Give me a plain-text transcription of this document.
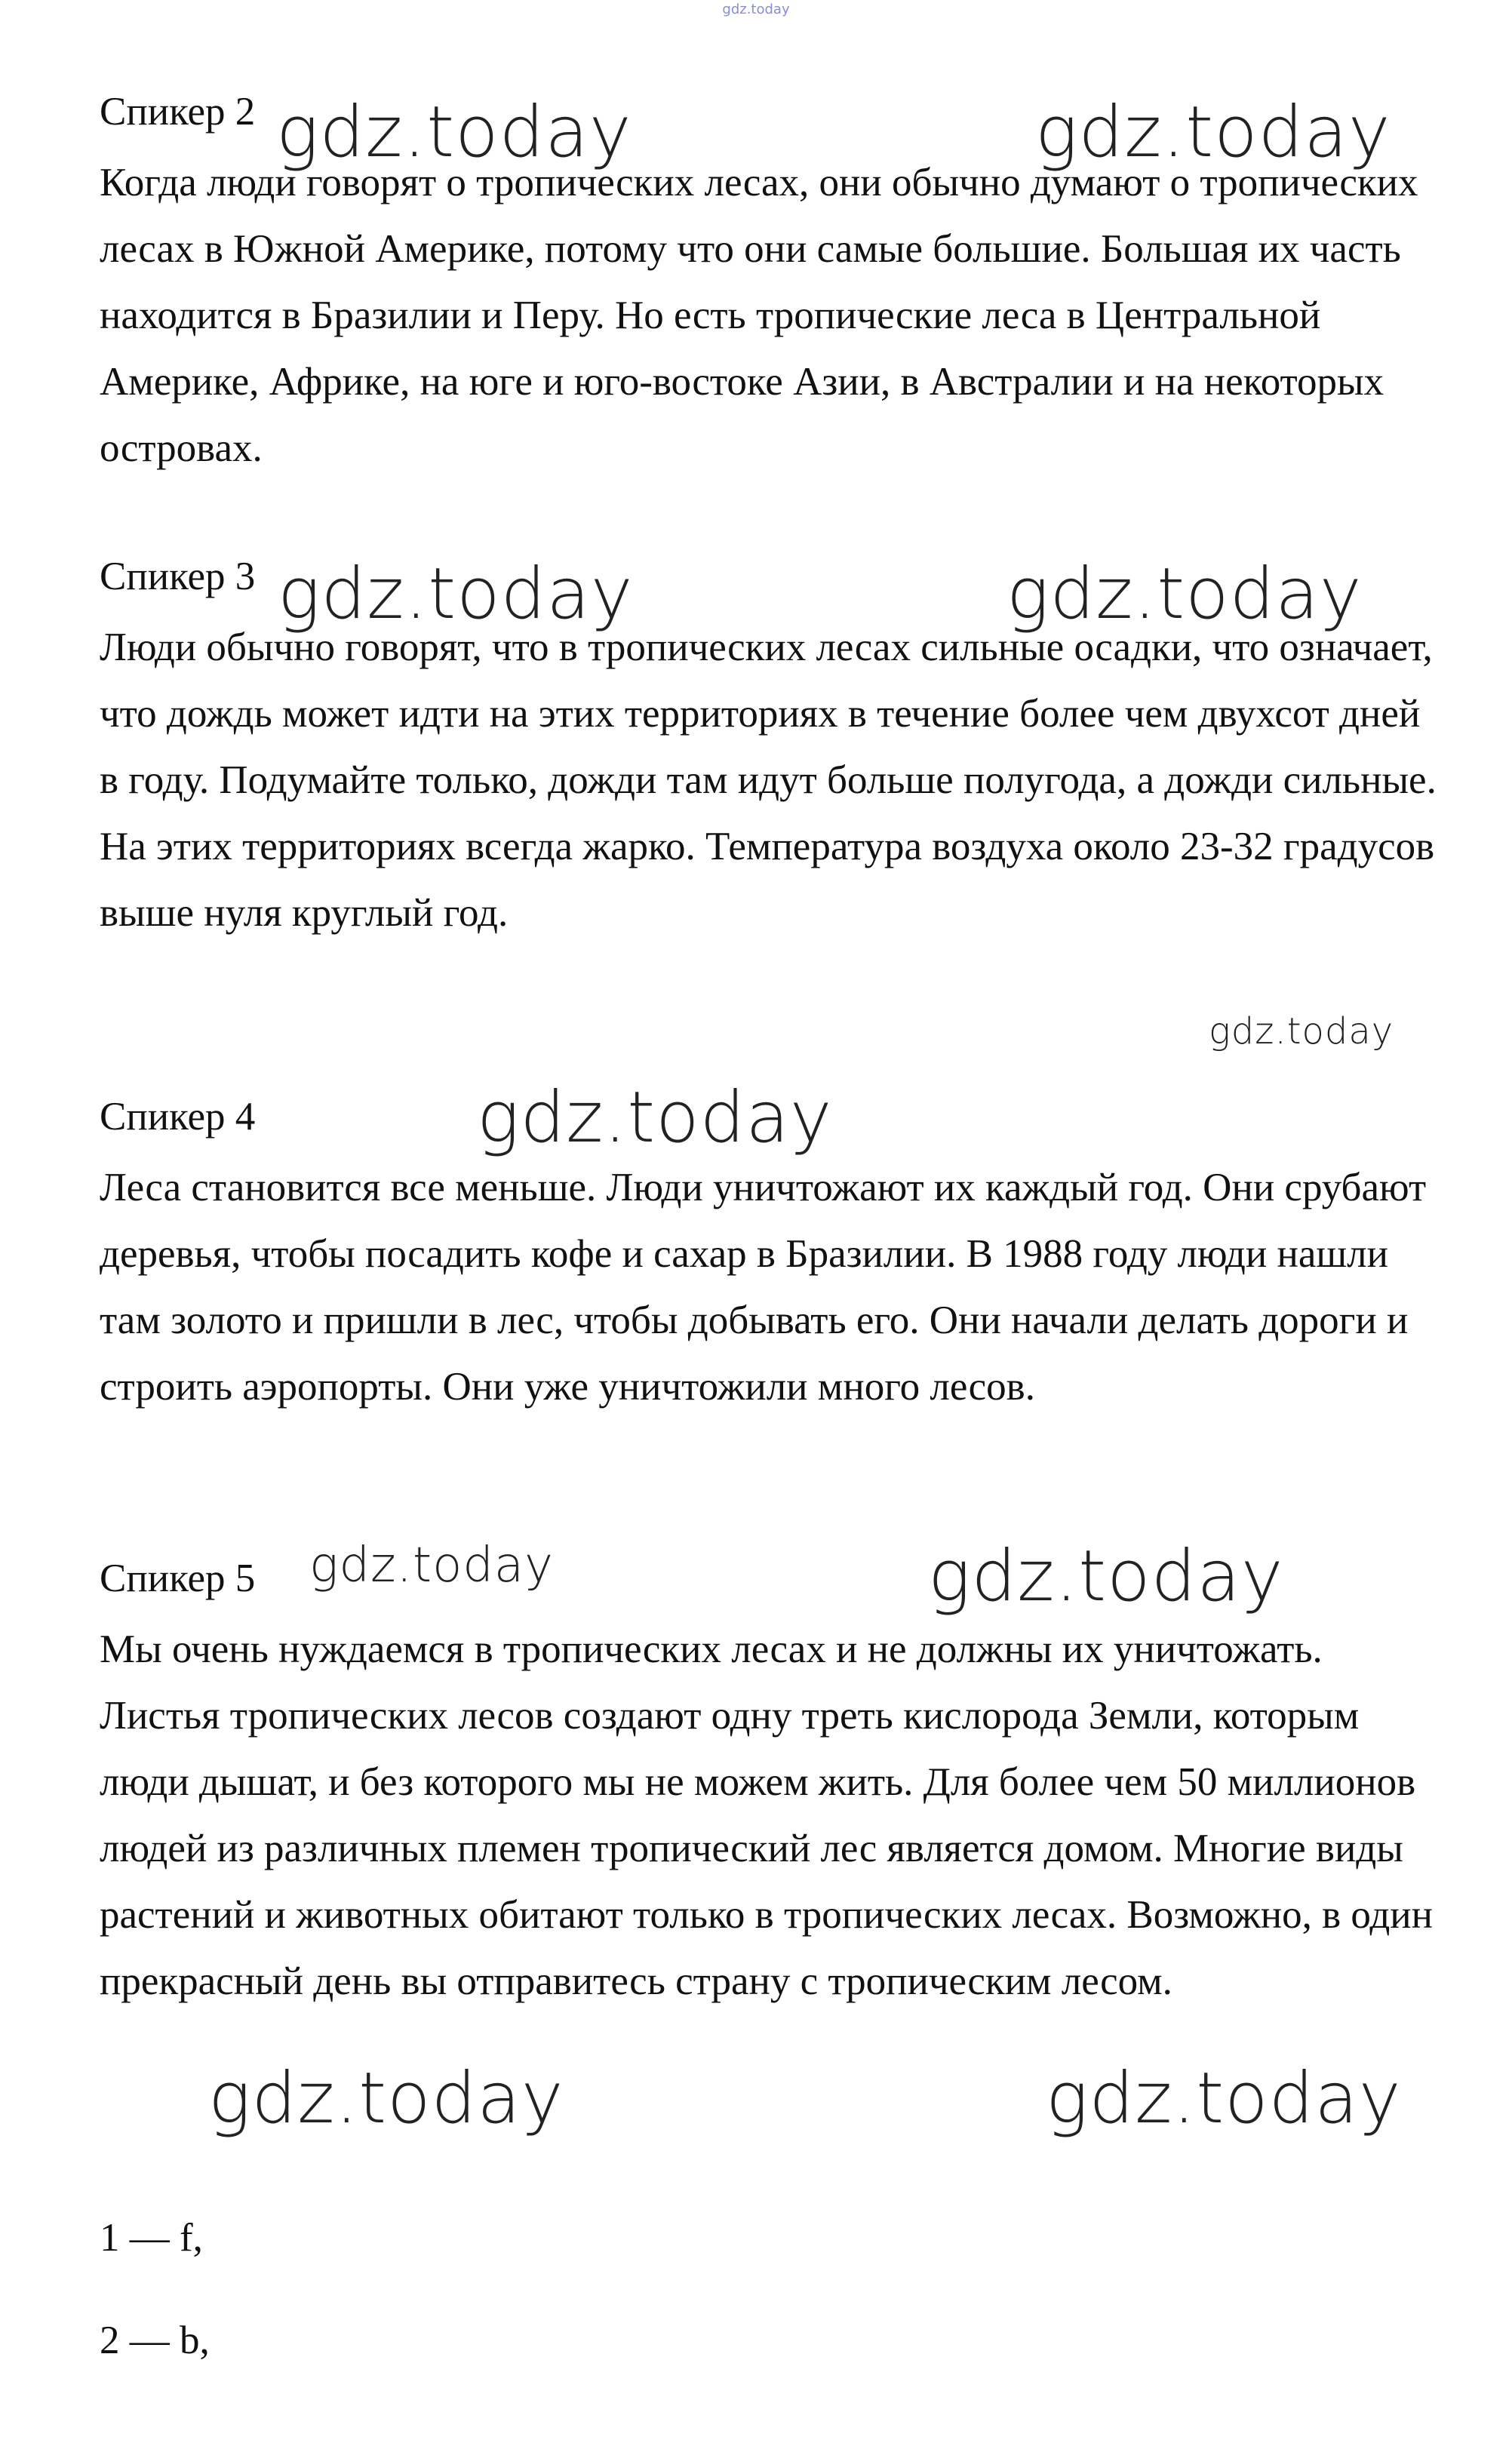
gdz.today
Спикер 2
Когда люди говорят о тропических лесах, они обычно думают о тропических лесах в Южной Америке, потому что они самые большие. Большая их часть находится в Бразилии и Перу. Но есть тропические леса в Центральной Америке, Африке, на юге и юго-востоке Азии, в Австралии и на некоторых островах.
Спикер 3
Люди обычно говорят, что в тропических лесах сильные осадки, что означает, что дождь может идти на этих территориях в течение более чем двухсот дней в году. Подумайте только, дожди там идут больше полугода, а дожди сильные. На этих территориях всегда жарко. Температура воздуха около 23-32 градусов выше нуля круглый год.
Спикер 4
Леса становится все меньше. Люди уничтожают их каждый год. Они срубают деревья, чтобы посадить кофе и сахар в Бразилии. В 1988 году люди нашли там золото и пришли в лес, чтобы добывать его. Они начали делать дороги и строить аэропорты. Они уже уничтожили много лесов.
Спикер 5
Мы очень нуждаемся в тропических лесах и не должны их уничтожать. Листья тропических лесов создают одну треть кислорода Земли, которым люди дышат, и без которого мы не можем жить. Для более чем 50 миллионов людей из различных племен тропический лес является домом. Многие виды растений и животных обитают только в тропических лесах. Возможно, в один прекрасный день вы отправитесь страну с тропическим лесом.
1 — f,
2 — b,
gdz.today	gdz.today
gdz.today	gdz.today
gdz.today
gdz.today
gdz.today	gdz.today
gdz.today	gdz.today
